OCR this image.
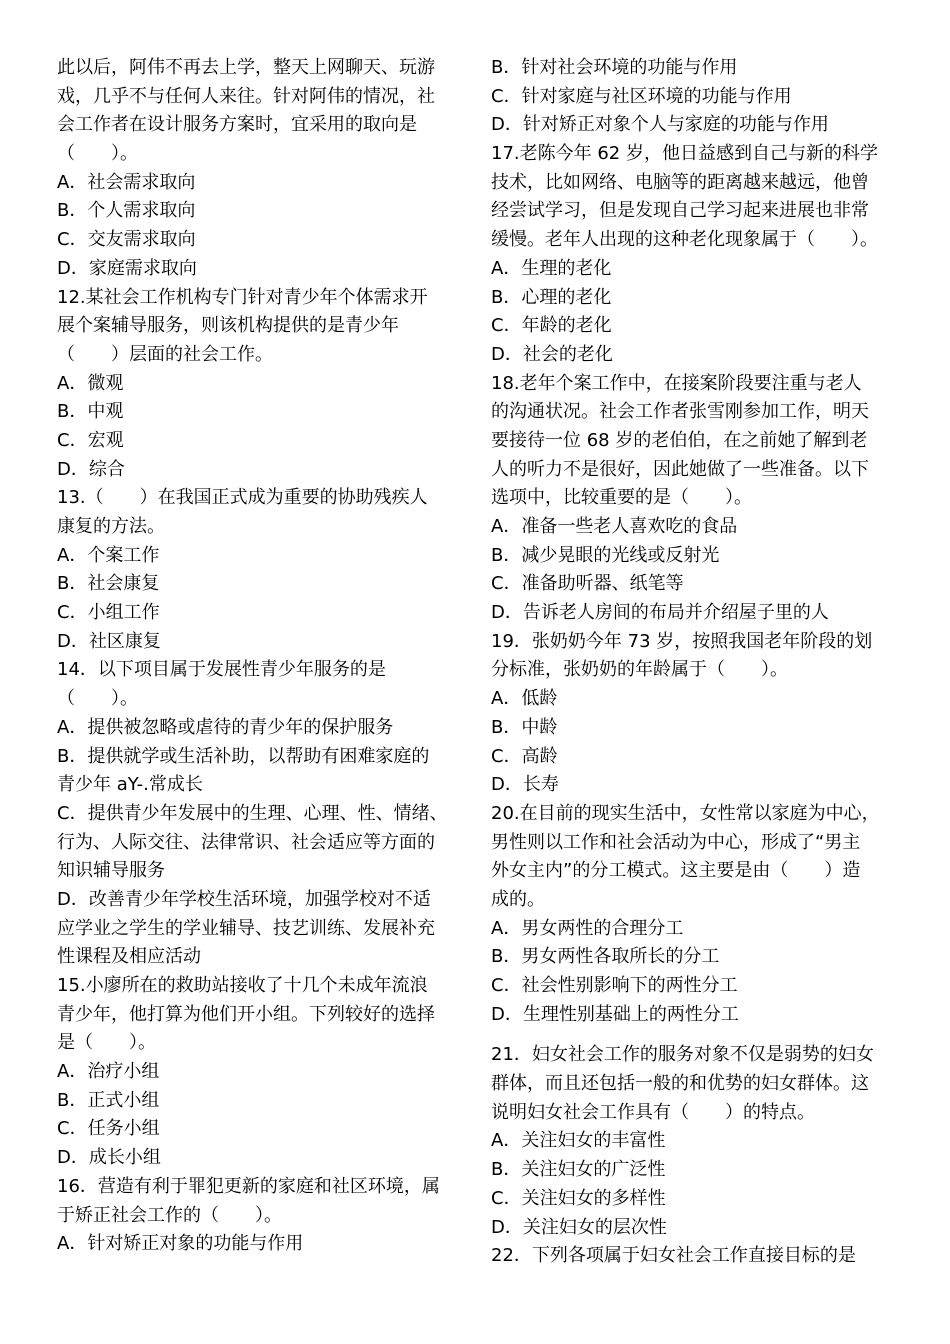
此以后，阿伟不再去上学，整天上网聊天、玩游
戏，几乎不与任何人来往。针对阿伟的情况，社
会工作者在设计服务方案时，宜采用的取向是
（　　）。
A．社会需求取向
B．个人需求取向
C．交友需求取向
D．家庭需求取向
12.某社会工作机构专门针对青少年个体需求开
展个案辅导服务，则该机构提供的是青少年
（　　）层面的社会工作。
A．微观
B．中观
C．宏观
D．综合
13.（　　）在我国正式成为重要的协助残疾人
康复的方法。
A．个案工作
B．社会康复
C．小组工作
D．社区康复
14．以下项目属于发展性青少年服务的是
（　　）。
A．提供被忽略或虐待的青少年的保护服务
B．提供就学或生活补助，以帮助有困难家庭的
青少年 aY-.常成长
C．提供青少年发展中的生理、心理、性、情绪、
行为、人际交往、法律常识、社会适应等方面的
知识辅导服务
D．改善青少年学校生活环境，加强学校对不适
应学业之学生的学业辅导、技艺训练、发展补充
性课程及相应活动
15.小廖所在的救助站接收了十几个未成年流浪
青少年，他打算为他们开小组。下列较好的选择
是（　　）。
A．治疗小组
B．正式小组
C．任务小组
D．成长小组
16．营造有利于罪犯更新的家庭和社区环境，属
于矫正社会工作的（　　）。
A．针对矫正对象的功能与作用
B．针对社会环境的功能与作用
C．针对家庭与社区环境的功能与作用
D．针对矫正对象个人与家庭的功能与作用
17.老陈今年 62 岁，他日益感到自己与新的科学
技术，比如网络、电脑等的距离越来越远，他曾
经尝试学习，但是发现自己学习起来进展也非常
缓慢。老年人出现的这种老化现象属于（　　）。
A．生理的老化
B．心理的老化
C．年龄的老化
D．社会的老化
18.老年个案工作中，在接案阶段要注重与老人
的沟通状况。社会工作者张雪刚参加工作，明天
要接待一位 68 岁的老伯伯，在之前她了解到老
人的听力不是很好，因此她做了一些准备。以下
选项中，比较重要的是（　　）。
A．准备一些老人喜欢吃的食品
B．减少晃眼的光线或反射光
C．准备助听器、纸笔等
D．告诉老人房间的布局并介绍屋子里的人
19．张奶奶今年 73 岁，按照我国老年阶段的划
分标准，张奶奶的年龄属于（　　）。
A．低龄
B．中龄
C．高龄
D．长寿
20.在目前的现实生活中，女性常以家庭为中心，
男性则以工作和社会活动为中心，形成了“男主
外女主内”的分工模式。这主要是由（　　）造
成的。
A．男女两性的合理分工
B．男女两性各取所长的分工
C．社会性别影响下的两性分工
D．生理性别基础上的两性分工
21．妇女社会工作的服务对象不仅是弱势的妇女
群体，而且还包括一般的和优势的妇女群体。这
说明妇女社会工作具有（　　）的特点。
A．关注妇女的丰富性
B．关注妇女的广泛性
C．关注妇女的多样性
D．关注妇女的层次性
22．下列各项属于妇女社会工作直接目标的是
